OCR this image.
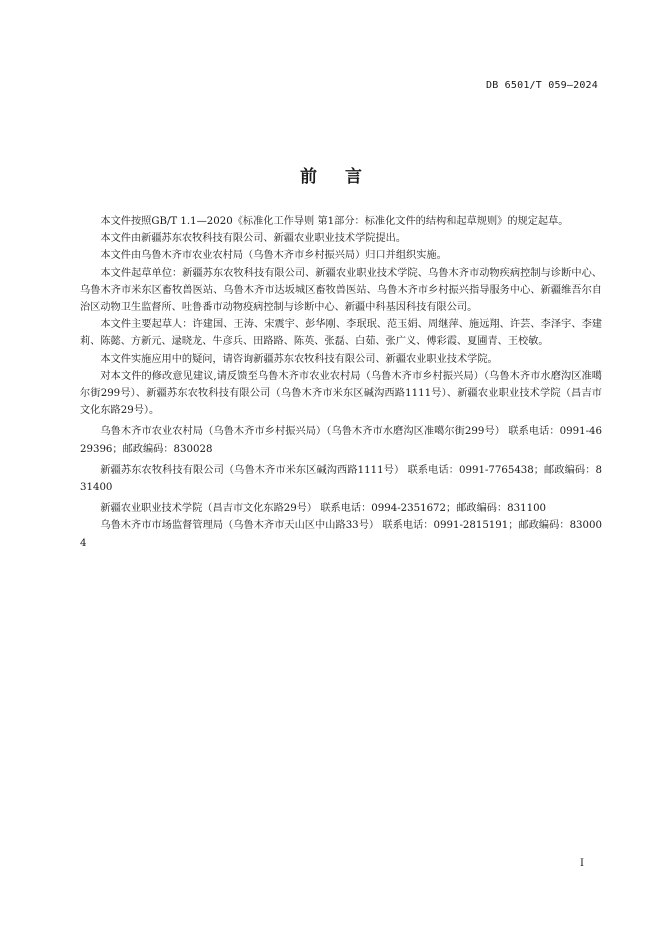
DB 6501/T 059—2024
前言

本文件按照GB/T 1.1—2020《标准化工作导则 第1部分：标准化文件的结构和起草规则》的规定起草。

本文件由新疆苏东农牧科技有限公司、新疆农业职业技术学院提出。

本文件由乌鲁木齐市农业农村局（乌鲁木齐市乡村振兴局）归口并组织实施。

本文件起草单位：新疆苏东农牧科技有限公司、新疆农业职业技术学院、乌鲁木齐市动物疾病控制与诊断中心、乌鲁木齐市米东区畜牧兽医站、乌鲁木齐市达坂城区畜牧兽医站、乌鲁木齐市乡村振兴指导服务中心、新疆维吾尔自治区动物卫生监督所、吐鲁番市动物疫病控制与诊断中心、新疆中科基因科技有限公司。

本文件主要起草人：许建国、王涛、宋震宇、彭华刚、李珉珉、范玉娟、周继萍、施远翔、许芸、李泽宇、李建莉、陈懿、方新元、逯晓龙、牛彦兵、田路路、陈英、张磊、白茹、张广义、傅彩霞、夏圃青、王校敏。

本文件实施应用中的疑问，请咨询新疆苏东农牧科技有限公司、新疆农业职业技术学院。

对本文件的修改意见建议,请反馈至乌鲁木齐市农业农村局（乌鲁木齐市乡村振兴局）（乌鲁木齐市水磨沟区准噶尔街299号）、新疆苏东农牧科技有限公司（乌鲁木齐市米东区碱沟西路1111号）、新疆农业职业技术学院（昌吉市文化东路29号）。

乌鲁木齐市农业农村局（乌鲁木齐市乡村振兴局）（乌鲁木齐市水磨沟区准噶尔街299号） 联系电话：0991-4629396；邮政编码：830028

新疆苏东农牧科技有限公司（乌鲁木齐市米东区碱沟西路1111号） 联系电话：0991-7765438；邮政编码：831400

新疆农业职业技术学院（昌吉市文化东路29号） 联系电话：0994-2351672；邮政编码：831100

乌鲁木齐市市场监督管理局（乌鲁木齐市天山区中山路33号） 联系电话：0991-2815191；邮政编码：830004

I
